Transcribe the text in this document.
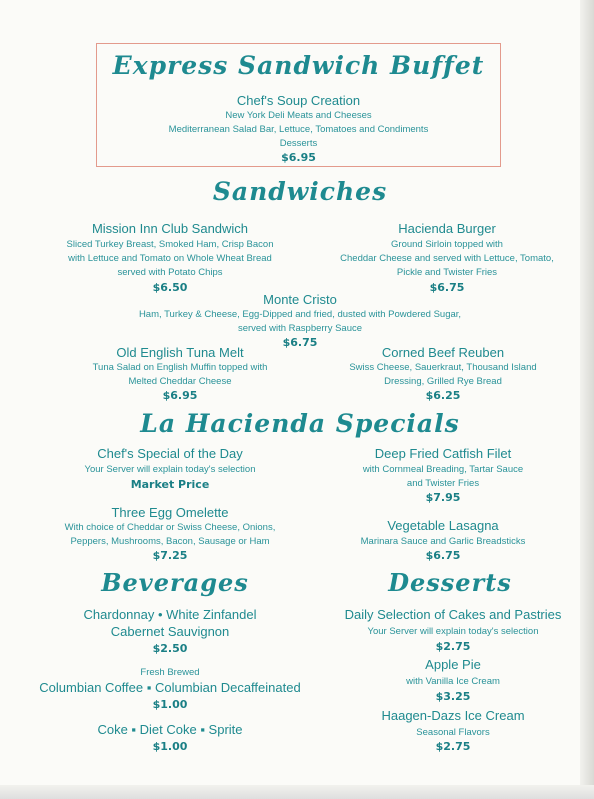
Express Sandwich Buffet
Chef's Soup Creation
New York Deli Meats and Cheeses
Mediterranean Salad Bar, Lettuce, Tomatoes and Condiments
Desserts
$6.95
Sandwiches
Mission Inn Club Sandwich
Sliced Turkey Breast, Smoked Ham, Crisp Bacon
with Lettuce and Tomato on Whole Wheat Bread
served with Potato Chips
$6.50
Hacienda Burger
Ground Sirloin topped with
Cheddar Cheese and served with Lettuce, Tomato,
Pickle and Twister Fries
$6.75
Monte Cristo
Ham, Turkey & Cheese, Egg-Dipped and fried, dusted with Powdered Sugar,
served with Raspberry Sauce
$6.75
Old English Tuna Melt
Tuna Salad on English Muffin topped with
Melted Cheddar Cheese
$6.95
Corned Beef Reuben
Swiss Cheese, Sauerkraut, Thousand Island
Dressing, Grilled Rye Bread
$6.25
La Hacienda Specials
Chef's Special of the Day
Your Server will explain today's selection
Market Price
Deep Fried Catfish Filet
with Cornmeal Breading, Tartar Sauce
and Twister Fries
$7.95
Three Egg Omelette
With choice of Cheddar or Swiss Cheese, Onions,
Peppers, Mushrooms, Bacon, Sausage or Ham
$7.25
Vegetable Lasagna
Marinara Sauce and Garlic Breadsticks
$6.75
Beverages
Chardonnay • White Zinfandel
Cabernet Sauvignon
$2.50
Fresh Brewed
Columbian Coffee ▪ Columbian Decaffeinated
$1.00
Coke ▪ Diet Coke ▪ Sprite
$1.00
Desserts
Daily Selection of Cakes and Pastries
Your Server will explain today's selection
$2.75
Apple Pie
with Vanilla Ice Cream
$3.25
Haagen-Dazs Ice Cream
Seasonal Flavors
$2.75
